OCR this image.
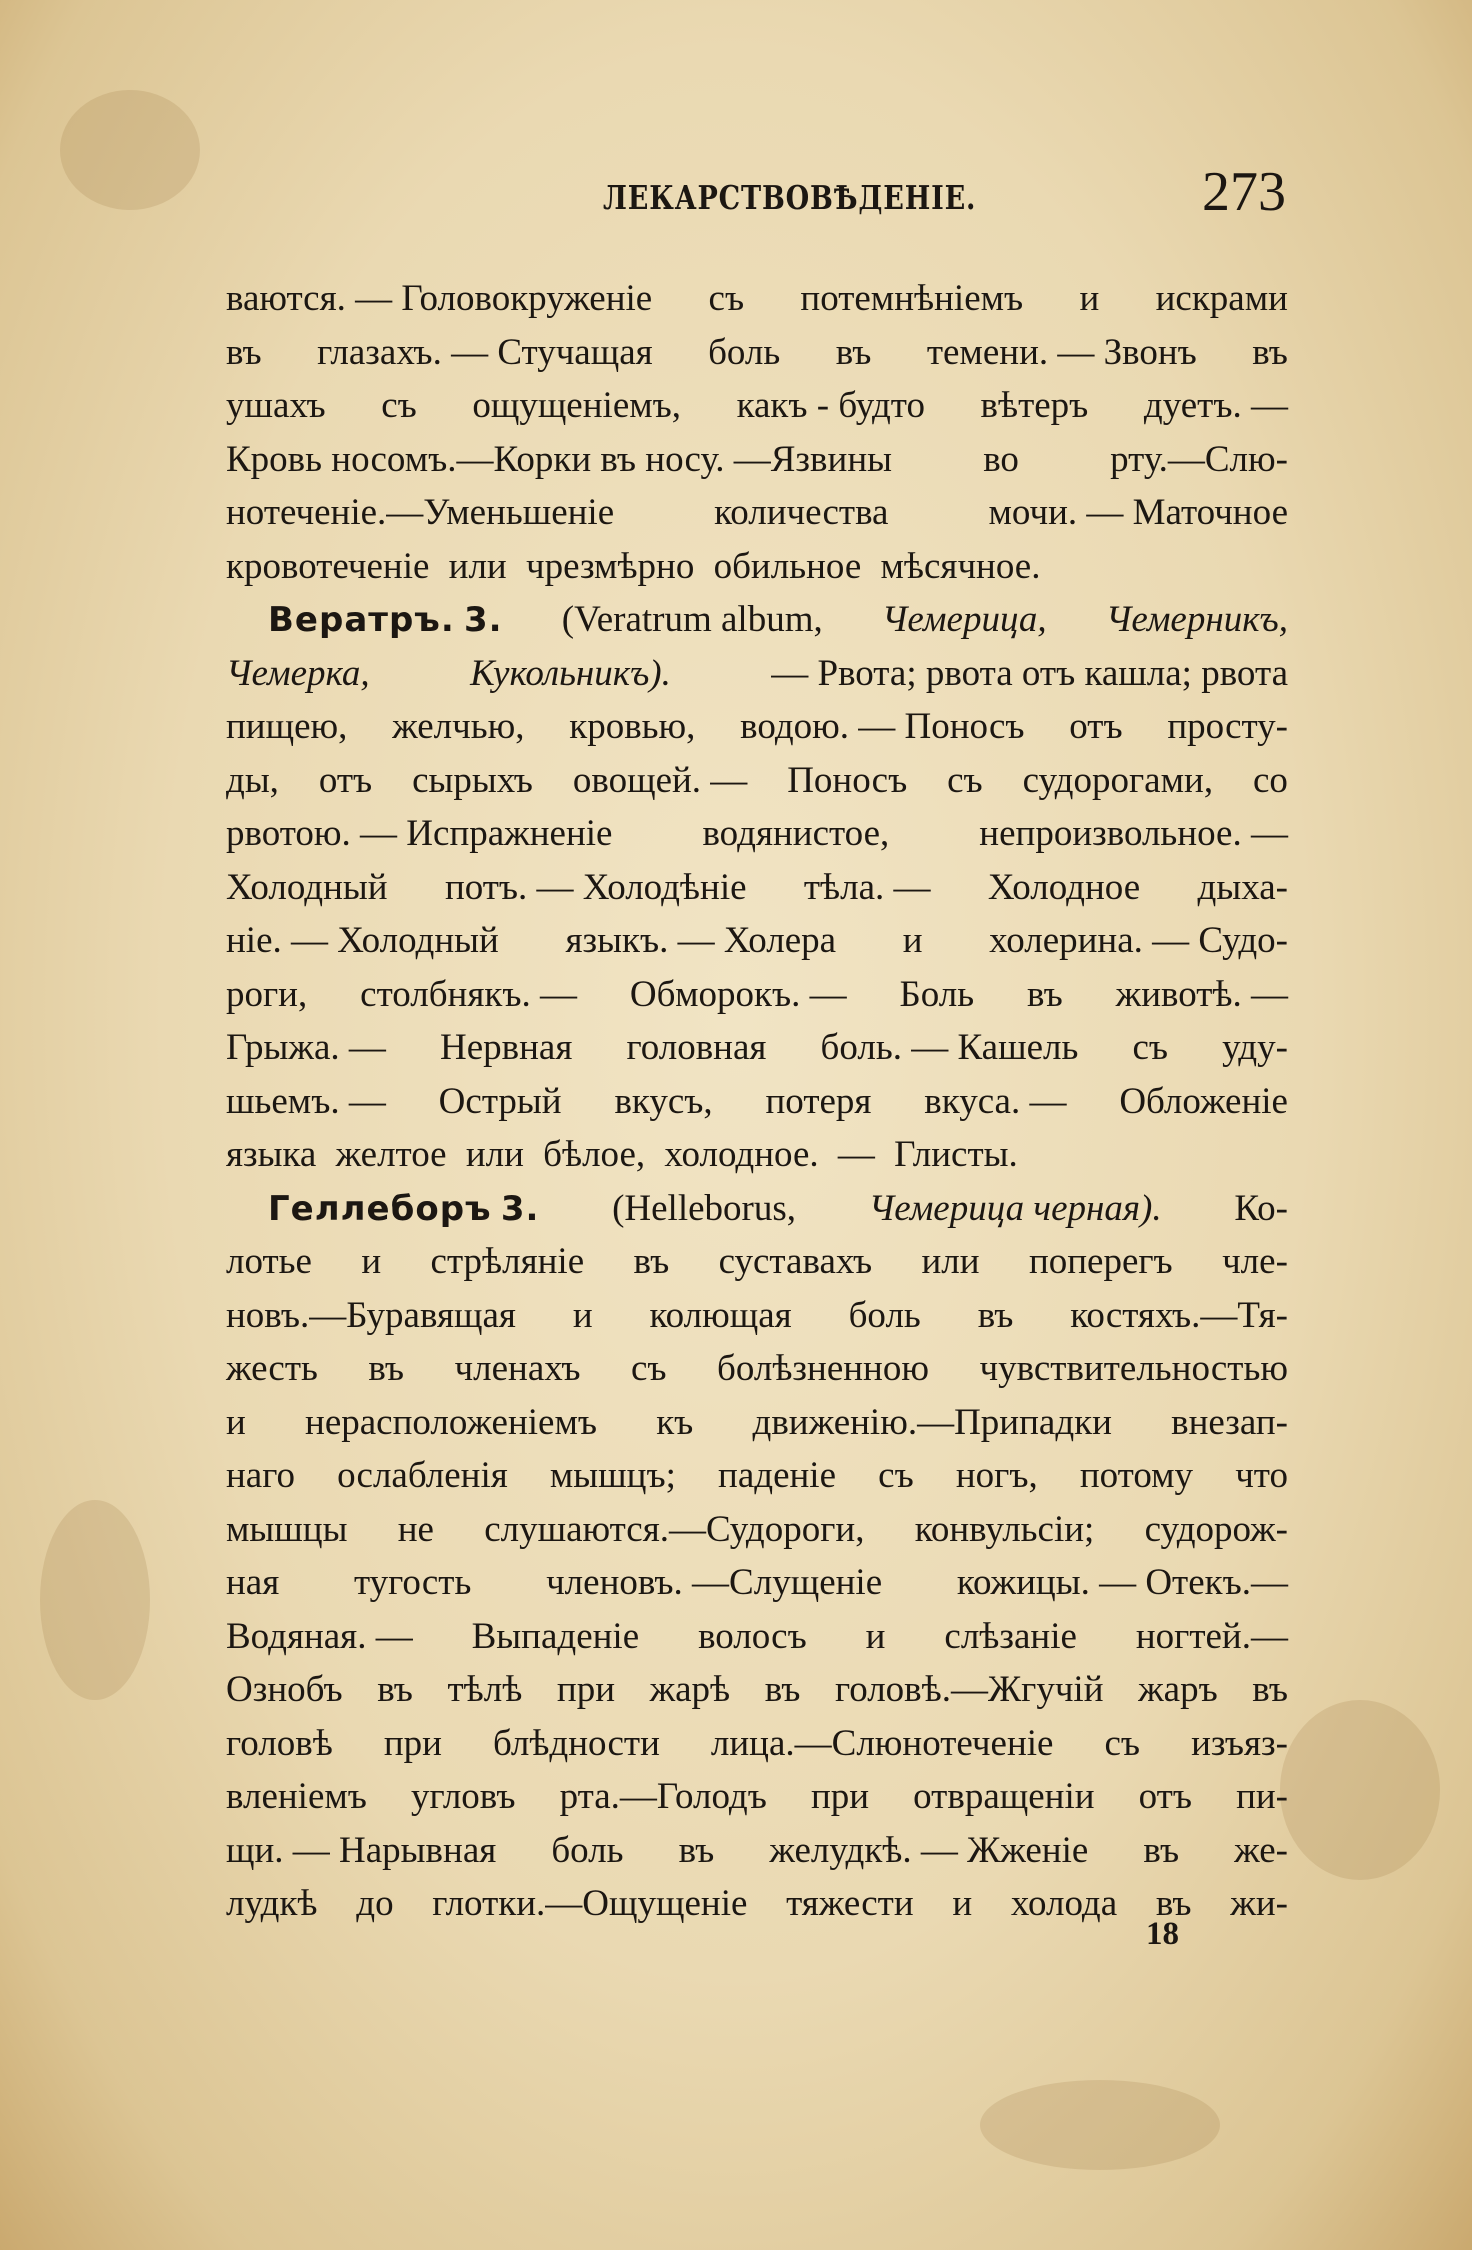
ЛЕКАРСТВОВѢДЕНІЕ.	273
ваются. — Головокруженіе съ потемнѣніемъ и искрами
въ глазахъ. — Стучащая боль въ темени. — Звонъ въ
ушахъ съ ощущеніемъ, какъ - будто вѣтеръ дуетъ. —
Кровь носомъ.—Корки въ носу. —Язвины во рту.—Слю-
нотеченіе.—Уменьшеніе	количества	мочи. — Маточное
кровотеченіе или чрезмѣрно обильное мѣсячное.
Вератръ. 3. (Veratrum album, Чемерица, Чемерникъ,
Чемерка,	Кукольникъ).	— Рвота; рвота отъ кашла; рвота
пищею, желчью, кровью, водою. — Поносъ отъ просту-
ды, отъ сырыхъ овощей. — Поносъ съ судорогами, со
рвотою. — Испражненіе водянистое, непроизвольное. —
Холодный потъ. — Холодѣніе тѣла. — Холодное дыха-
ніе. — Холодный языкъ. — Холера и холерина. — Судо-
роги, столбнякъ. — Обморокъ. — Боль въ животѣ. —
Грыжа. — Нервная головная боль. — Кашель съ уду-
шьемъ. — Острый вкусъ, потеря вкуса. — Обложеніе
языка желтое или бѣлое, холодное. — Глисты.
Геллеборъ 3. (Helleborus, Чемерица черная). Ко-
лотье и стрѣляніе въ суставахъ или поперегъ чле-
новъ.—Буравящая и колющая боль въ костяхъ.—Тя-
жесть въ членахъ съ болѣзненною чувствительностью
и нерасположеніемъ къ движенію.—Припадки внезап-
наго ослабленія мышцъ; паденіе съ ногъ, потому что
мышцы не слушаются.—Судороги, конвульсіи; судорож-
ная тугость членовъ. —Слущеніе кожицы. — Отекъ.—
Водяная. — Выпаденіе волосъ и слѣзаніе ногтей.—
Ознобъ въ тѣлѣ при жарѣ въ головѣ.—Жгучій жаръ въ
головѣ при блѣдности лица.—Слюнотеченіе съ изъяз-
вленіемъ угловъ рта.—Голодъ при отвращеніи отъ пи-
щи. — Нарывная боль въ желудкѣ. — Жженіе въ же-
лудкѣ до глотки.—Ощущеніе тяжести и холода въ жи-
18
